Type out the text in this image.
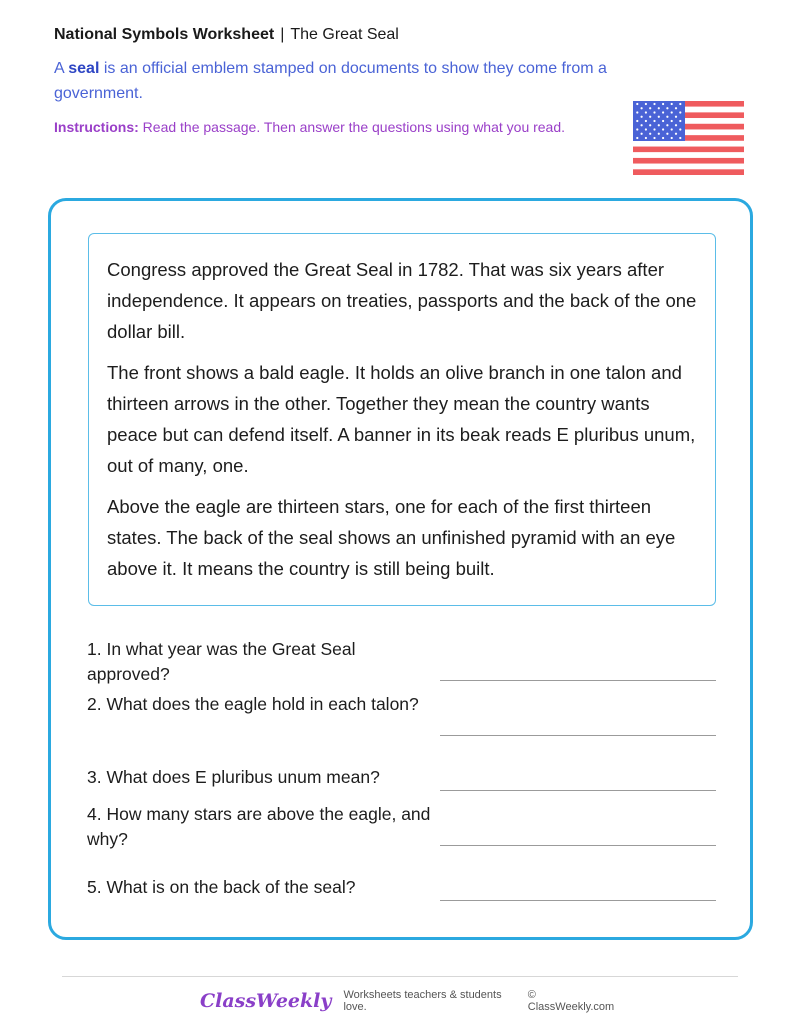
National Symbols Worksheet | The Great Seal
A seal is an official emblem stamped on documents to show they come from a government.
Instructions: Read the passage. Then answer the questions using what you read.

Congress approved the Great Seal in 1782. That was six years after independence. It appears on treaties, passports and the back of the one dollar bill.

The front shows a bald eagle. It holds an olive branch in one talon and thirteen arrows in the other. Together they mean the country wants peace but can defend itself. A banner in its beak reads E pluribus unum, out of many, one.

Above the eagle are thirteen stars, one for each of the first thirteen states. The back of the seal shows an unfinished pyramid with an eye above it. It means the country is still being built.

1. In what year was the Great Seal approved?
2. What does the eagle hold in each talon?
3. What does E pluribus unum mean?
4. How many stars are above the eagle, and why?
5. What is on the back of the seal?
ClassWeekly Worksheets teachers & students love.
© ClassWeekly.com
